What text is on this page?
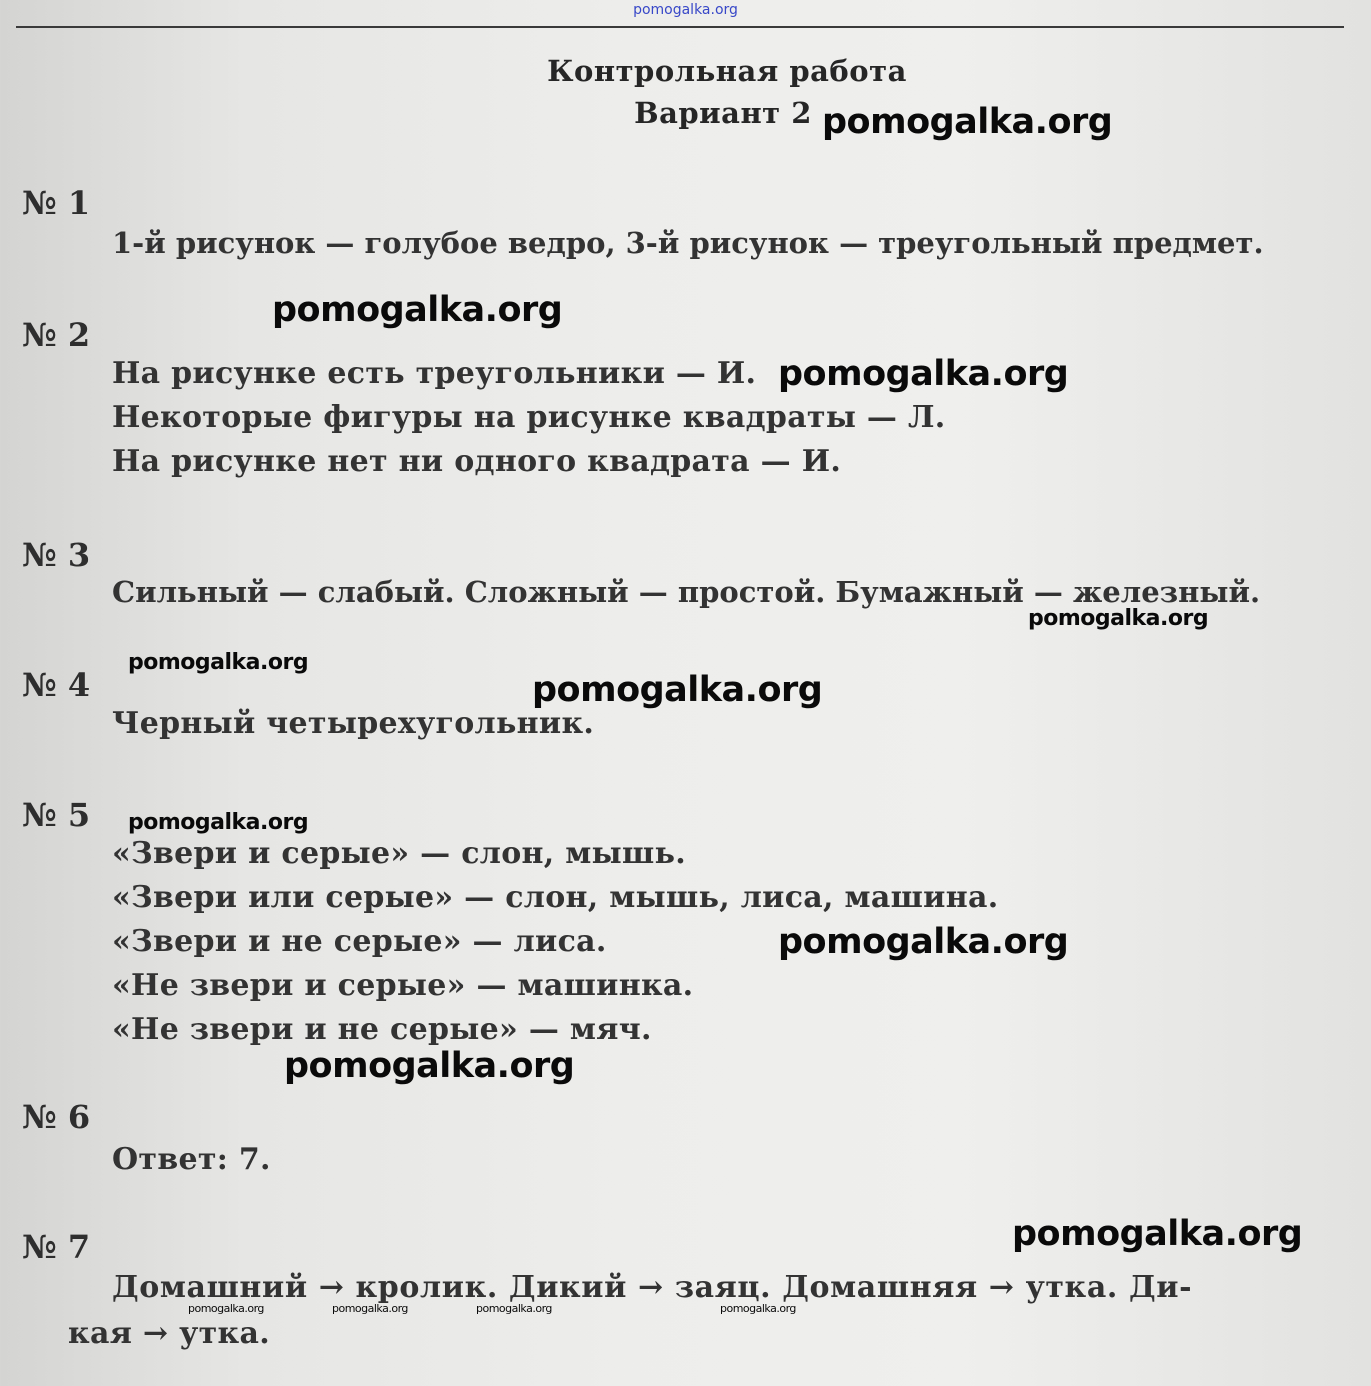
pomogalka.org
Контрольная работа
Вариант 2
№ 1
1-й рисунок — голубое ведро, 3-й рисунок — треугольный предмет.
№ 2
На рисунке есть треугольники — И.
Некоторые фигуры на рисунке квадраты — Л.
На рисунке нет ни одного квадрата — И.
№ 3
Сильный — слабый. Сложный — простой. Бумажный — железный.
№ 4
Черный четырехугольник.
№ 5
«Звери и серые» — слон, мышь.
«Звери или серые» — слон, мышь, лиса, машина.
«Звери и не серые» — лиса.
«Не звери и серые» — машинка.
«Не звери и не серые» — мяч.
№ 6
Ответ: 7.
№ 7
Домашний → кролик. Дикий → заяц. Домашняя → утка. Ди-
кая → утка.
pomogalka.org
pomogalka.org
pomogalka.org
pomogalka.org
pomogalka.org
pomogalka.org
pomogalka.org
pomogalka.org
pomogalka.org
pomogalka.org
pomogalka.org	pomogalka.org	pomogalka.org	pomogalka.org
